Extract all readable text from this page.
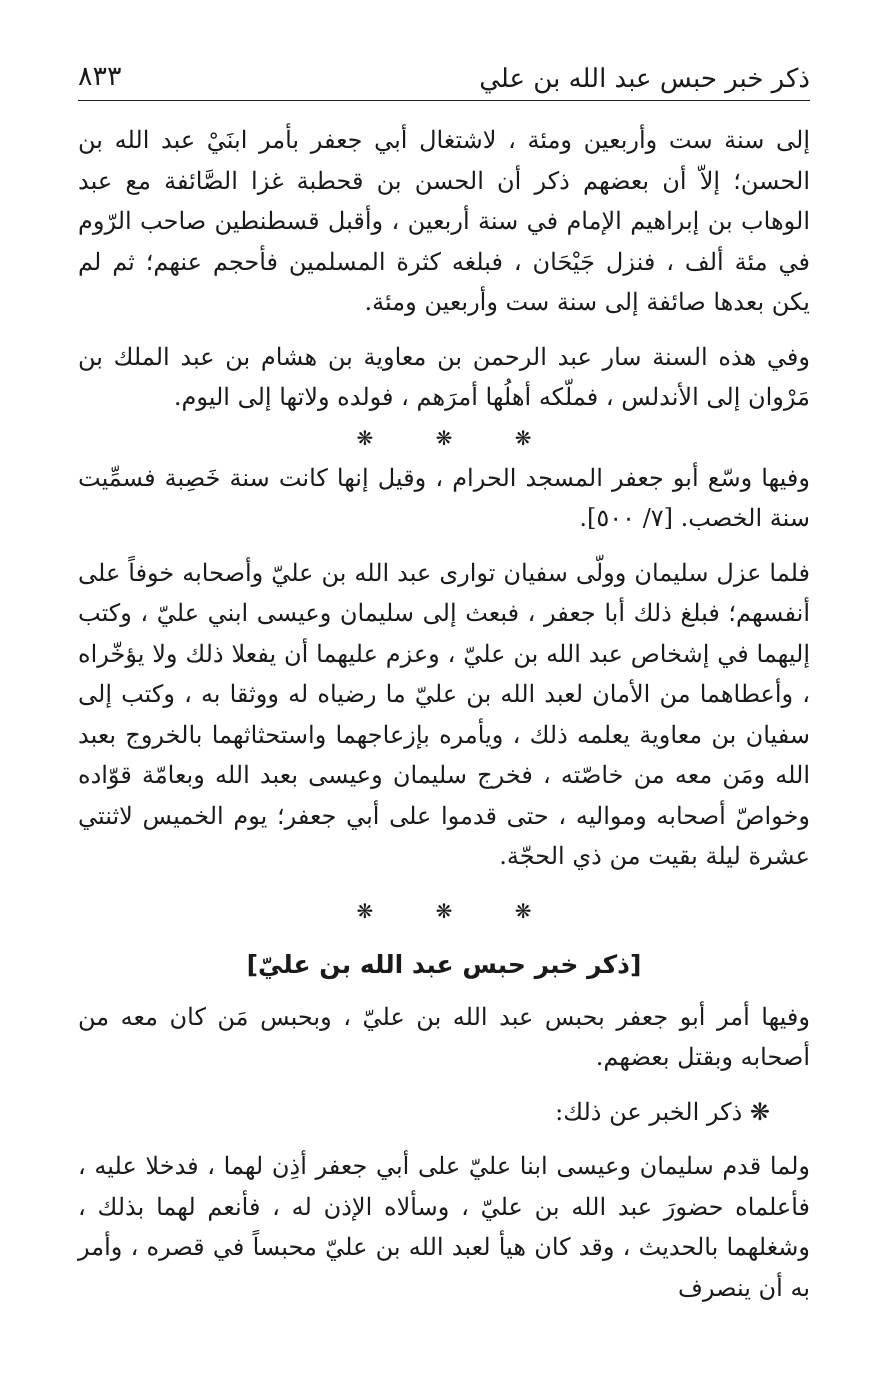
ذكر خبر حبس عبد الله بن علي
٨٣٣

إلى سنة ست وأربعين ومئة ، لاشتغال أبي جعفر بأمر ابنَيْ عبد الله بن الحسن؛ إلاّ أن بعضهم ذكر أن الحسن بن قحطبة غزا الصَّائفة مع عبد الوهاب بن إبراهيم الإمام في سنة أربعين ، وأقبل قسطنطين صاحب الرّوم في مئة ألف ، فنزل جَيْحَان ، فبلغه كثرة المسلمين فأحجم عنهم؛ ثم لم يكن بعدها صائفة إلى سنة ست وأربعين ومئة.

وفي هذه السنة سار عبد الرحمن بن معاوية بن هشام بن عبد الملك بن مَرْوان إلى الأندلس ، فملّكه أهلُها أمرَهم ، فولده ولاتها إلى اليوم.

❋ ❋ ❋

وفيها وسّع أبو جعفر المسجد الحرام ، وقيل إنها كانت سنة خَصِبة فسمِّيت سنة الخصب. [٧/ ٥٠٠].

فلما عزل سليمان وولّى سفيان توارى عبد الله بن عليّ وأصحابه خوفاً على أنفسهم؛ فبلغ ذلك أبا جعفر ، فبعث إلى سليمان وعيسى ابني عليّ ، وكتب إليهما في إشخاص عبد الله بن عليّ ، وعزم عليهما أن يفعلا ذلك ولا يؤخّراه ، وأعطاهما من الأمان لعبد الله بن عليّ ما رضياه له ووثقا به ، وكتب إلى سفيان بن معاوية يعلمه ذلك ، ويأمره بإزعاجهما واستحثاثهما بالخروج بعبد الله ومَن معه من خاصّته ، فخرج سليمان وعيسى بعبد الله وبعامّة قوّاده وخواصّ أصحابه ومواليه ، حتى قدموا على أبي جعفر؛ يوم الخميس لاثنتي عشرة ليلة بقيت من ذي الحجّة.

❋ ❋ ❋
[ذكر خبر حبس عبد الله بن عليّ]

وفيها أمر أبو جعفر بحبس عبد الله بن عليّ ، وبحبس مَن كان معه من أصحابه وبقتل بعضهم.

❋ ذكر الخبر عن ذلك:

ولما قدم سليمان وعيسى ابنا عليّ على أبي جعفر أذِن لهما ، فدخلا عليه ، فأعلماه حضورَ عبد الله بن عليّ ، وسألاه الإذن له ، فأنعم لهما بذلك ، وشغلهما بالحديث ، وقد كان هيأ لعبد الله بن عليّ محبساً في قصره ، وأمر به أن ينصرف
